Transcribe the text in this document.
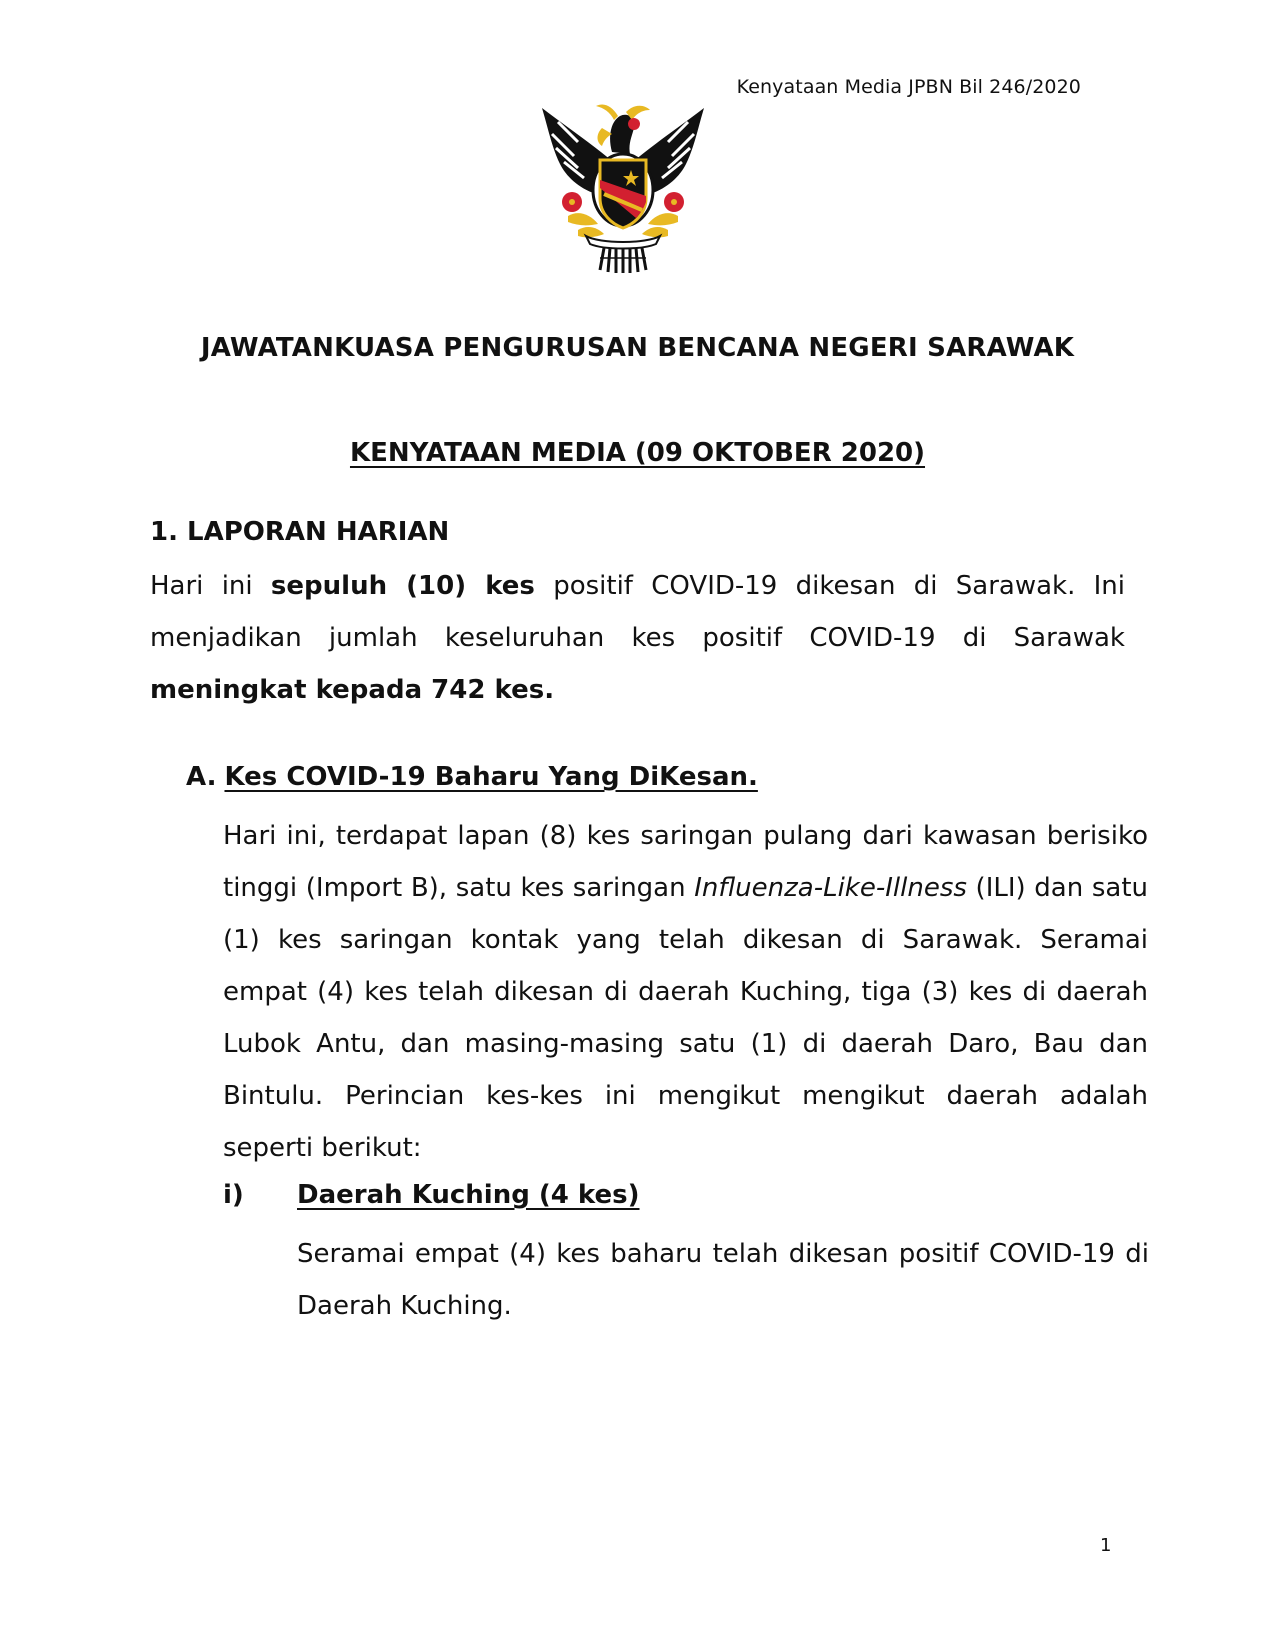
Kenyataan Media JPBN Bil 246/2020
JAWATANKUASA PENGURUSAN BENCANA NEGERI SARAWAK
KENYATAAN MEDIA (09 OKTOBER 2020)
1. LAPORAN HARIAN
Hari ini sepuluh (10) kes positif COVID-19 dikesan di Sarawak. Ini menjadikan jumlah keseluruhan kes positif COVID-19 di Sarawak meningkat kepada 742 kes.
A. Kes COVID-19 Baharu Yang DiKesan.
Hari ini, terdapat lapan (8) kes saringan pulang dari kawasan berisiko tinggi (Import B), satu kes saringan Influenza-Like-Illness (ILI) dan satu (1) kes saringan kontak yang telah dikesan di Sarawak. Seramai empat (4) kes telah dikesan di daerah Kuching, tiga (3) kes di daerah Lubok Antu, dan masing-masing satu (1) di daerah Daro, Bau dan Bintulu. Perincian kes-kes ini mengikut mengikut daerah adalah seperti berikut:
i) Daerah Kuching (4 kes)
Seramai empat (4) kes baharu telah dikesan positif COVID-19 di Daerah Kuching.
1
